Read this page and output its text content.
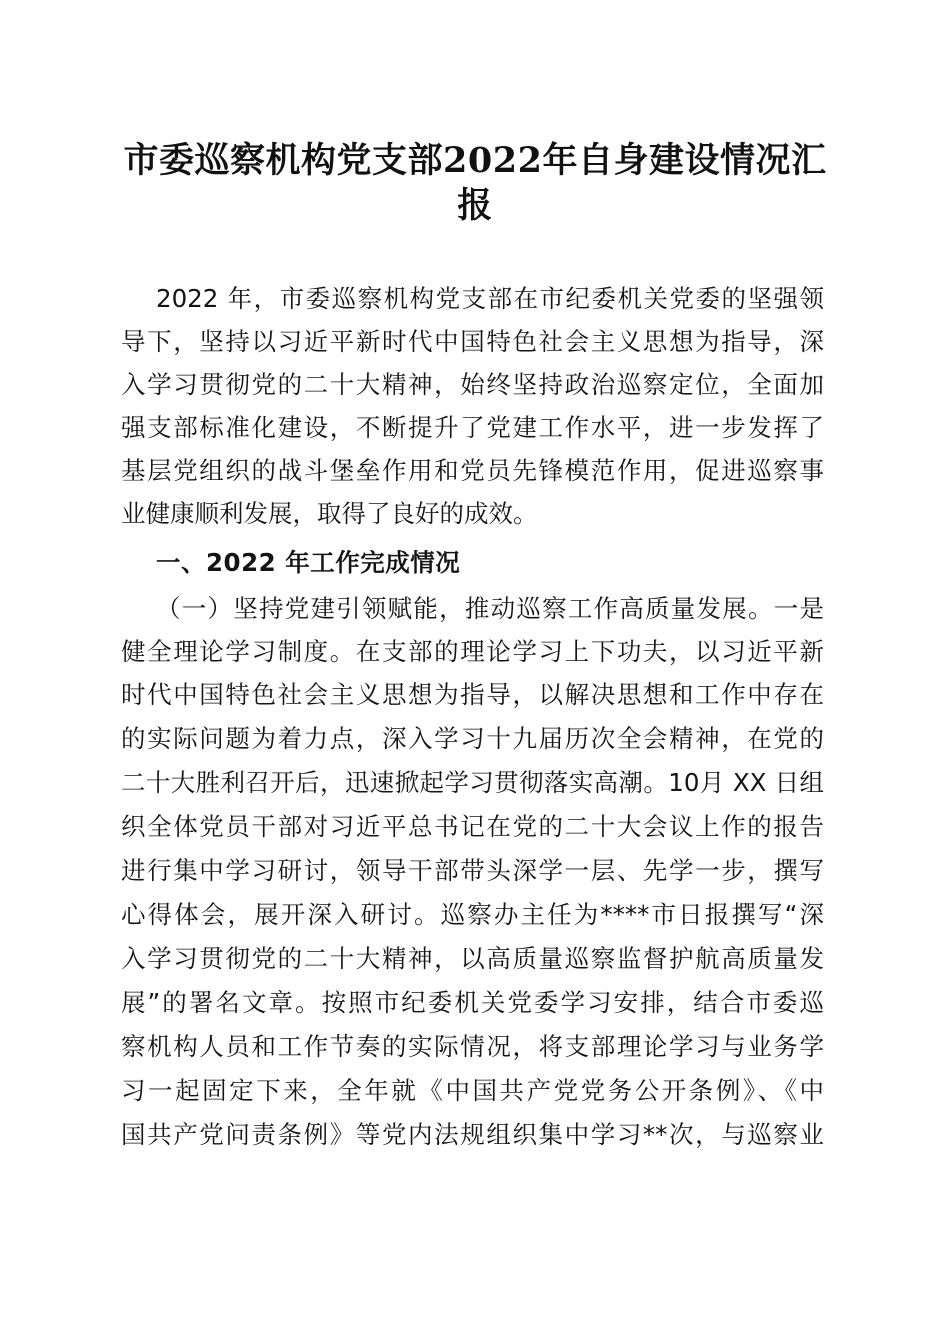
市委巡察机构党支部2022年自身建设情况汇
报
2022 年，市委巡察机构党支部在市纪委机关党委的坚强领
导下，坚持以习近平新时代中国特色社会主义思想为指导，深
入学习贯彻党的二十大精神，始终坚持政治巡察定位，全面加
强支部标准化建设，不断提升了党建工作水平，进一步发挥了
基层党组织的战斗堡垒作用和党员先锋模范作用，促进巡察事
业健康顺利发展，取得了良好的成效。
一、2022 年工作完成情况
（一）坚持党建引领赋能，推动巡察工作高质量发展。一是
健全理论学习制度。在支部的理论学习上下功夫，以习近平新
时代中国特色社会主义思想为指导，以解决思想和工作中存在
的实际问题为着力点，深入学习十九届历次全会精神，在党的
二十大胜利召开后，迅速掀起学习贯彻落实高潮。10月 XX 日组
织全体党员干部对习近平总书记在党的二十大会议上作的报告
进行集中学习研讨，领导干部带头深学一层、先学一步，撰写
心得体会，展开深入研讨。巡察办主任为****市日报撰写“深
入学习贯彻党的二十大精神，以高质量巡察监督护航高质量发
展”的署名文章。按照市纪委机关党委学习安排，结合市委巡
察机构人员和工作节奏的实际情况，将支部理论学习与业务学
习一起固定下来，全年就《中国共产党党务公开条例》、《中
国共产党问责条例》等党内法规组织集中学习**次，与巡察业
